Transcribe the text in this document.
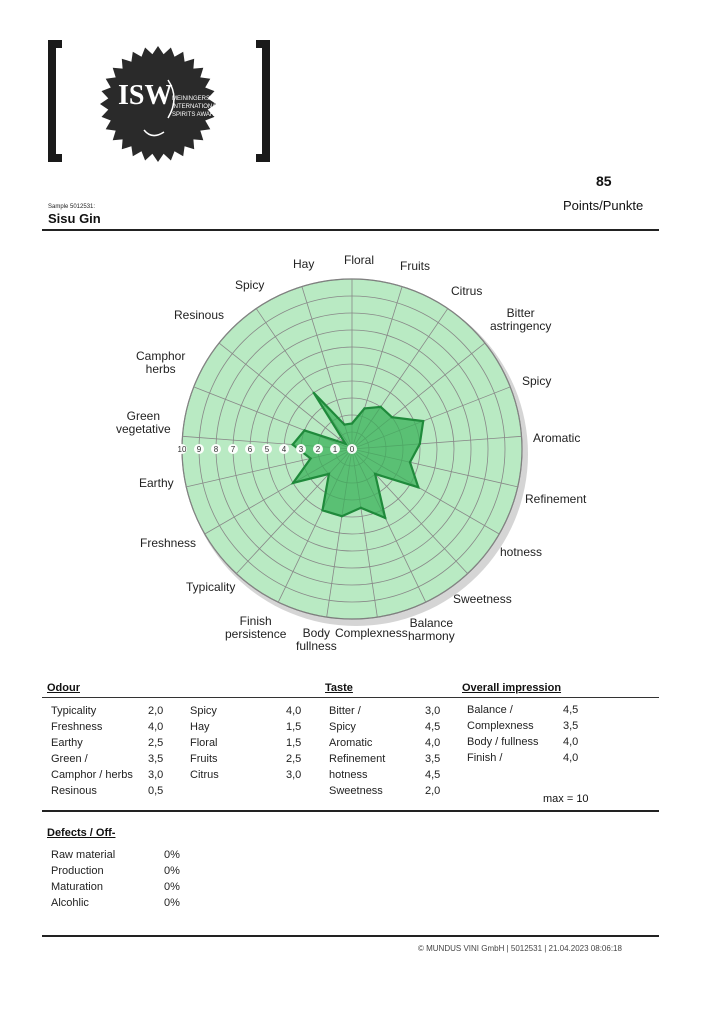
ISW MEININGERS
INTERNATIONAL
SPIRITS AWARD
85
Points/Punkte
Sample 5012531:
Sisu Gin
0
1
2
3
4
5
6
7
8
9
10
Hay Floral Fruits
Spicy	Citrus
Resinous	Bitter
astringency
Camphor
herbs
Spicy
Green
vegetative
Aromatic
Earthy
Refinement
Freshness
hotness
Typicality
Sweetness
Finish
persistence	Body
fullness
Complexness
Balance
harmony
Odour	Taste	Overall impression
Typicality	2,0
Freshness	4,0
Earthy	2,5
Green /	3,5
Camphor / herbs 3,0
Resinous	0,5
Spicy	4,0
Hay	1,5
Floral	1,5
Fruits	2,5
Citrus	3,0
Bitter /	3,0
Spicy	4,5
Aromatic	4,0
Refinement	3,5
hotness	4,5
Sweetness	2,0
Balance /	4,5
Complexness	3,5
Body / fullness 4,0
Finish /	4,0
max = 10
Defects / Off-
Raw material	0%
Production	0%
Maturation	0%
Alcohlic	0%
© MUNDUS VINI GmbH | 5012531 | 21.04.2023 08:06:18
